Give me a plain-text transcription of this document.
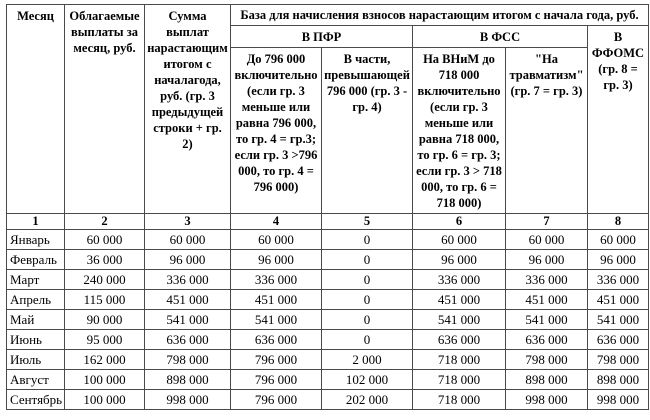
Месяц	Облагаемые выплаты за месяц, руб.	Сумма выплат нарастающим итогом с началагода, руб. (гр. 3 предыдущей строки + гр. 2)	База для начисления взносов нарастающим итогом с начала года, руб.				
			В ПФР		В ФСС		В ФФОМС (гр. 8 = гр. 3)
			До 796 000 включительно (если гр. 3 меньше или равна 796 000, то гр. 4 = гр.3; если гр. 3 >796 000, то гр. 4 = 796 000)	В части, превышающей 796 000 (гр. 3 - гр. 4)	На ВНиМ до 718 000 включительно (если гр. 3 меньше или равна 718 000, то гр. 6 = гр. 3; если гр. 3 > 718 000, то гр. 6 = 718 000)	"На травматизм" (гр. 7 = гр. 3)	
1	2	3	4	5	6	7	8
Январь	60 000	60 000	60 000	0	60 000	60 000	60 000
Февраль	36 000	96 000	96 000	0	96 000	96 000	96 000
Март	240 000	336 000	336 000	0	336 000	336 000	336 000
Апрель	115 000	451 000	451 000	0	451 000	451 000	451 000
Май	90 000	541 000	541 000	0	541 000	541 000	541 000
Июнь	95 000	636 000	636 000	0	636 000	636 000	636 000
Июль	162 000	798 000	796 000	2 000	718 000	798 000	798 000
Август	100 000	898 000	796 000	102 000	718 000	898 000	898 000
Сентябрь	100 000	998 000	796 000	202 000	718 000	998 000	998 000
